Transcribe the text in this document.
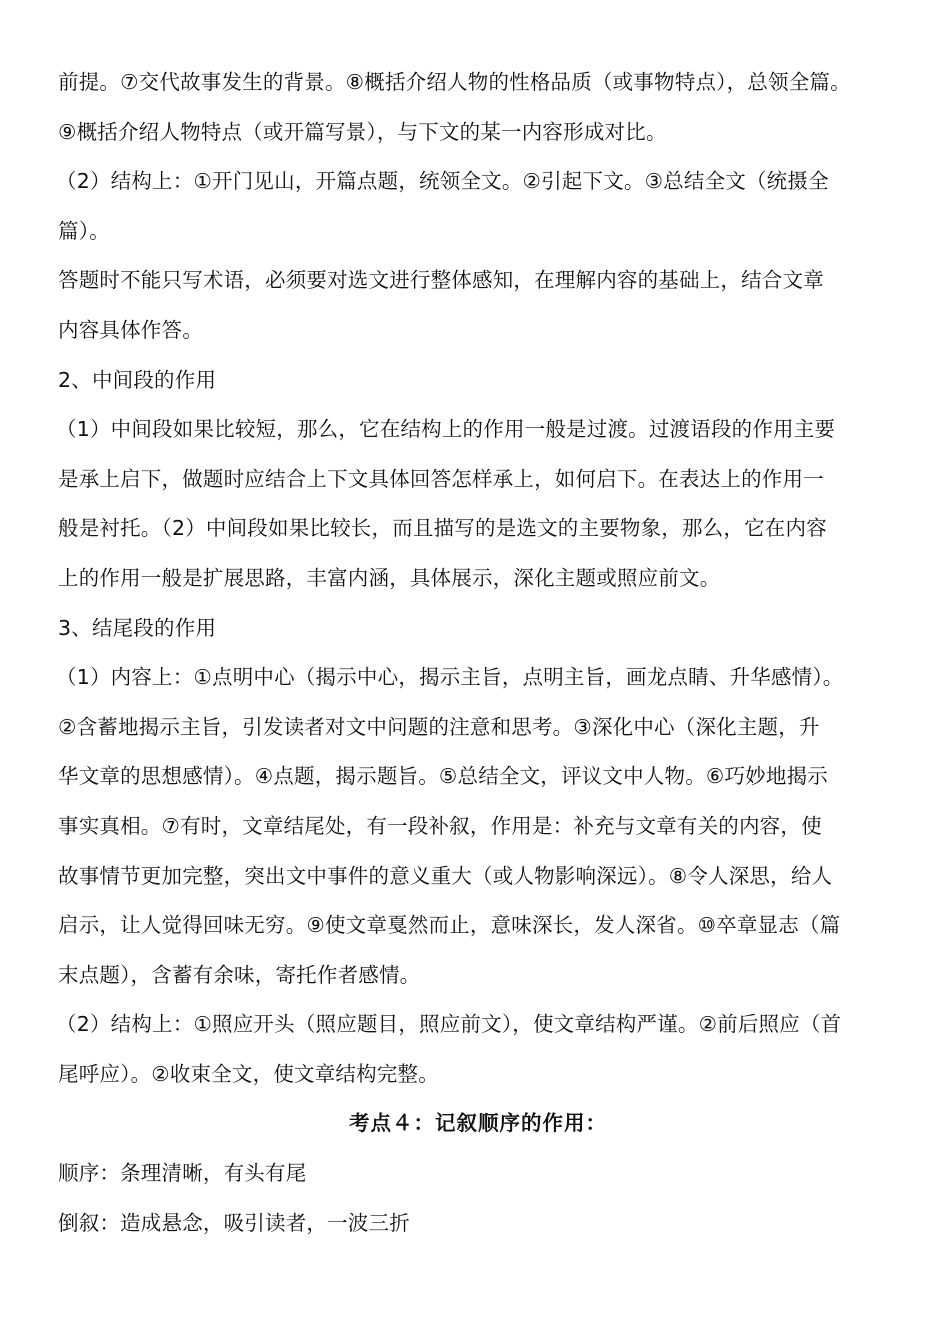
前提。⑦交代故事发生的背景。⑧概括介绍人物的性格品质（或事物特点），总领全篇。
⑨概括介绍人物特点（或开篇写景），与下文的某一内容形成对比。
（2）结构上：①开门见山，开篇点题，统领全文。②引起下文。③总结全文（统摄全
篇）。
答题时不能只写术语，必须要对选文进行整体感知，在理解内容的基础上，结合文章
内容具体作答。
2、中间段的作用
（1）中间段如果比较短，那么，它在结构上的作用一般是过渡。过渡语段的作用主要
是承上启下，做题时应结合上下文具体回答怎样承上，如何启下。在表达上的作用一
般是衬托。（2）中间段如果比较长，而且描写的是选文的主要物象，那么，它在内容
上的作用一般是扩展思路，丰富内涵，具体展示，深化主题或照应前文。
3、结尾段的作用
（1）内容上：①点明中心（揭示中心，揭示主旨，点明主旨，画龙点睛、升华感情）。
②含蓄地揭示主旨，引发读者对文中问题的注意和思考。③深化中心（深化主题，升
华文章的思想感情）。④点题，揭示题旨。⑤总结全文，评议文中人物。⑥巧妙地揭示
事实真相。⑦有时，文章结尾处，有一段补叙，作用是：补充与文章有关的内容，使
故事情节更加完整，突出文中事件的意义重大（或人物影响深远）。⑧令人深思，给人
启示，让人觉得回味无穷。⑨使文章戛然而止，意味深长，发人深省。⑩卒章显志（篇
末点题），含蓄有余味，寄托作者感情。
（2）结构上：①照应开头（照应题目，照应前文），使文章结构严谨。②前后照应（首
尾呼应）。②收束全文，使文章结构完整。
考点４：记叙顺序的作用：
顺序：条理清晰，有头有尾
倒叙：造成悬念，吸引读者，一波三折
